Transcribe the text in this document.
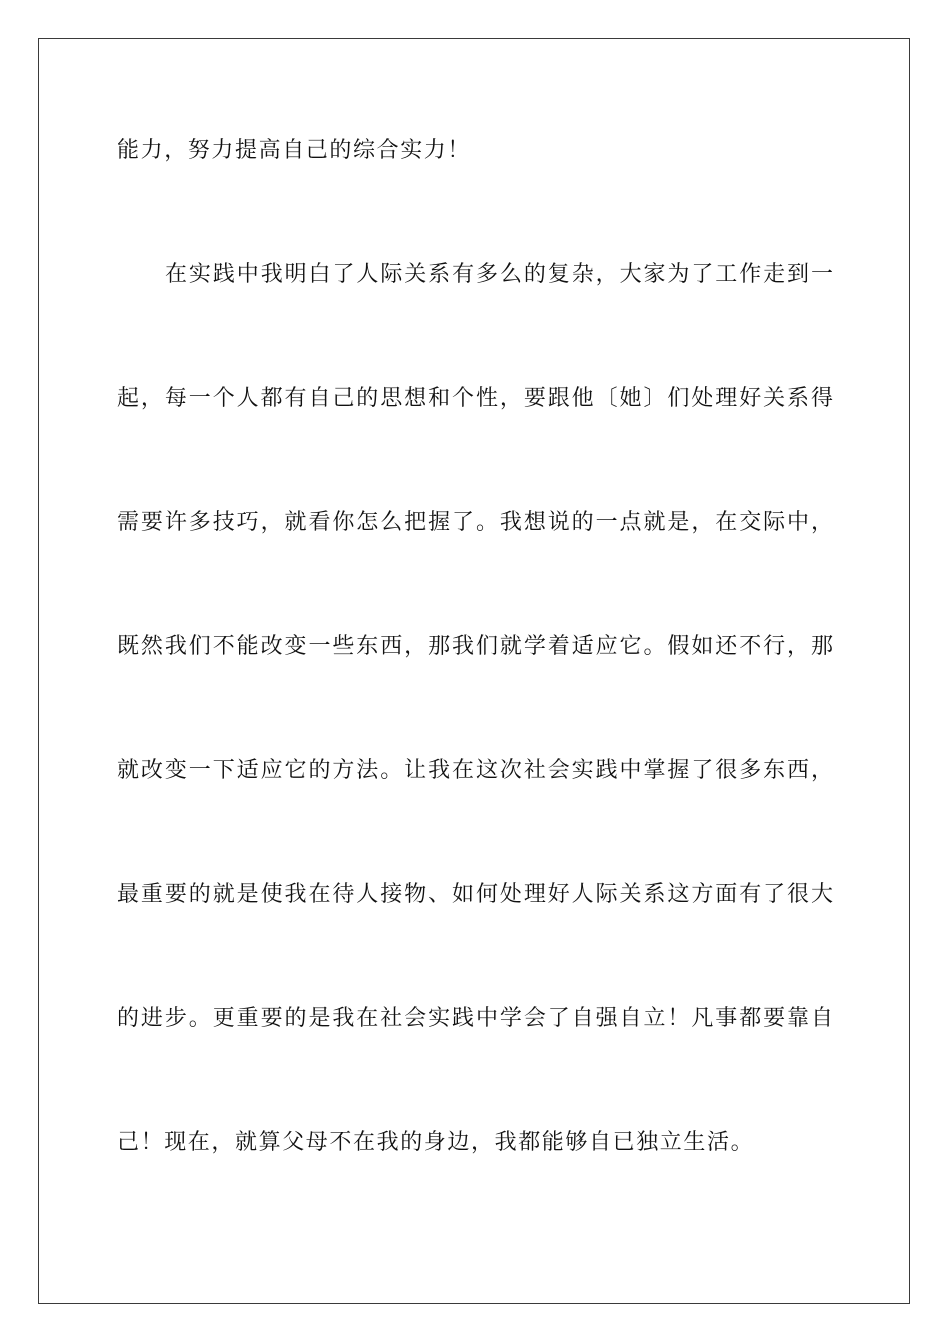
能力，努力提高自己的综合实力！
在实践中我明白了人际关系有多么的复杂，大家为了工作走到一
起，每一个人都有自己的思想和个性，要跟他〔她〕们处理好关系得
需要许多技巧，就看你怎么把握了。我想说的一点就是，在交际中，
既然我们不能改变一些东西，那我们就学着适应它。假如还不行，那
就改变一下适应它的方法。让我在这次社会实践中掌握了很多东西，
最重要的就是使我在待人接物、如何处理好人际关系这方面有了很大
的进步。更重要的是我在社会实践中学会了自强自立！凡事都要靠自
己！现在，就算父母不在我的身边，我都能够自已独立生活。
